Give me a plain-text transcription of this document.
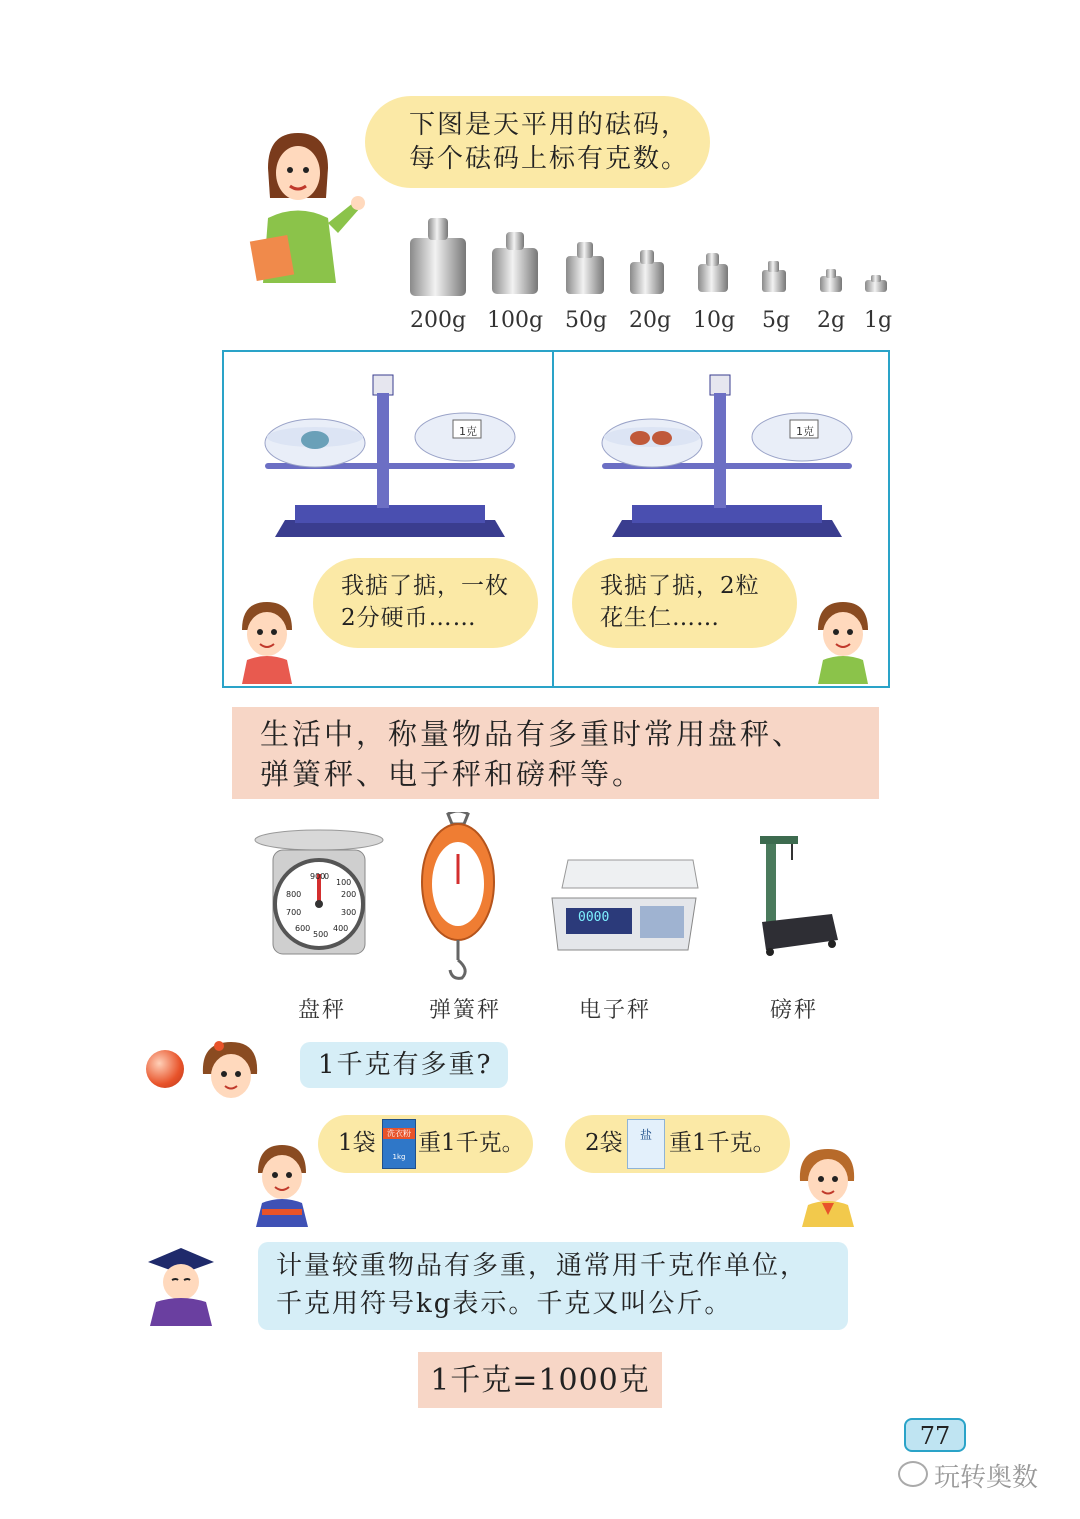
下图是天平用的砝码，
每个砝码上标有克数。
200g 100g 50g 20g 10g	5g	2g 1g
1克	1克
我掂了掂，一枚
2分硬币……
我掂了掂，2粒
花生仁……
生活中，称量物品有多重时常用盘秤、
弹簧秤、电子秤和磅秤等。
900
0
100
800	200
700	300
600
500
400
0000
盘秤	弹簧秤	电子秤	磅秤
1千克有多重?
1袋	洗衣粉
1kg
重1千克。	2袋	盐 重1千克。
计量较重物品有多重，通常用千克作单位，
千克用符号kg表示。千克又叫公斤。
1千克=1000克
77
玩转奥数
